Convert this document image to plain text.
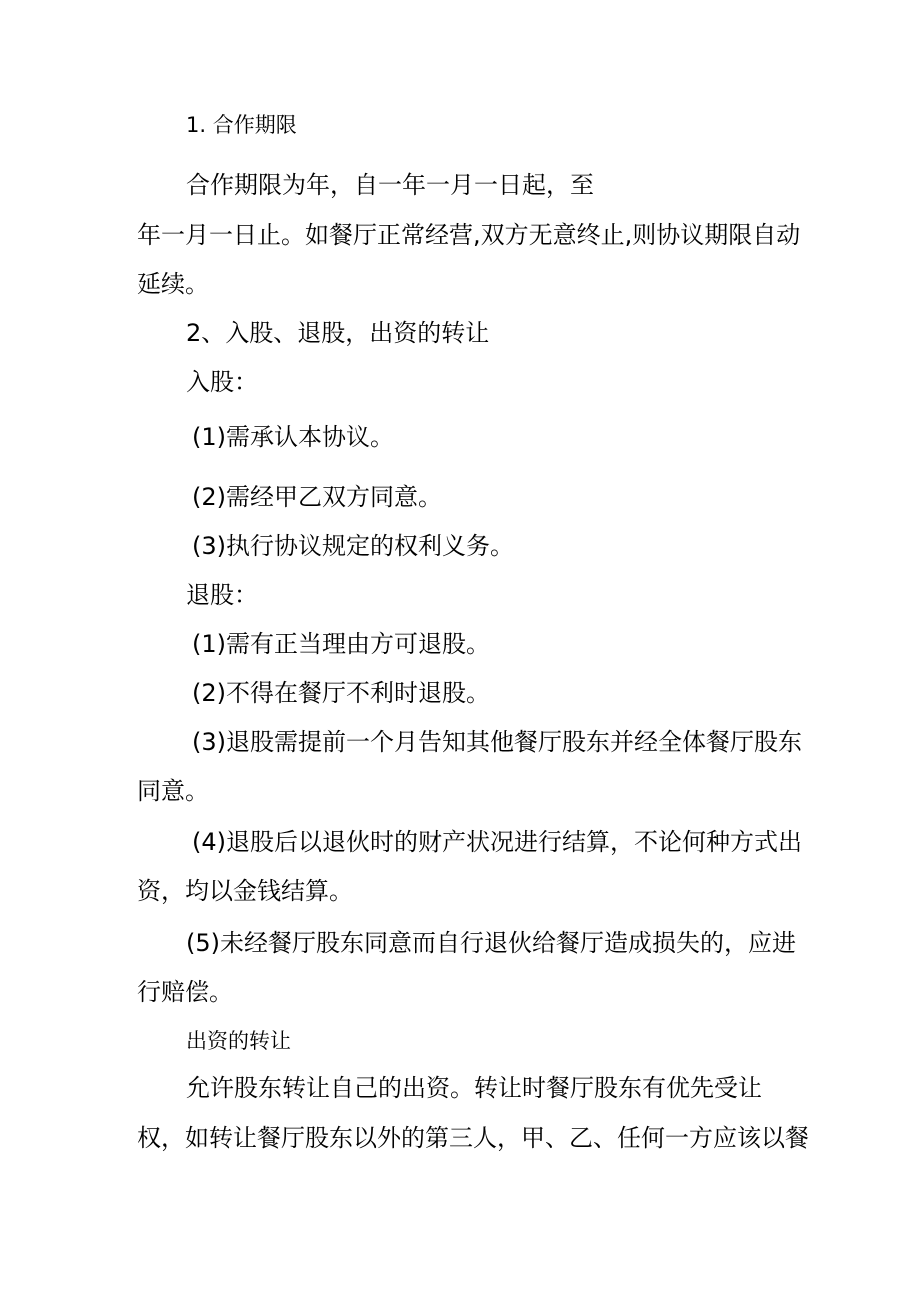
1. 合作期限
合作期限为年，自一年一月一日起，至
年一月一日止。如餐厅正常经营,双方无意终止,则协议期限自动
延续。
2、入股、退股，出资的转让
入股：
(1)需承认本协议。
(2)需经甲乙双方同意。
(3)执行协议规定的权利义务。
退股：
(1)需有正当理由方可退股。
(2)不得在餐厅不利时退股。
(3)退股需提前一个月告知其他餐厅股东并经全体餐厅股东
同意。
(4)退股后以退伙时的财产状况进行结算，不论何种方式出
资，均以金钱结算。
(5)未经餐厅股东同意而自行退伙给餐厅造成损失的，应进
行赔偿。
出资的转让
允许股东转让自己的出资。转让时餐厅股东有优先受让
权，如转让餐厅股东以外的第三人，甲、乙、任何一方应该以餐
